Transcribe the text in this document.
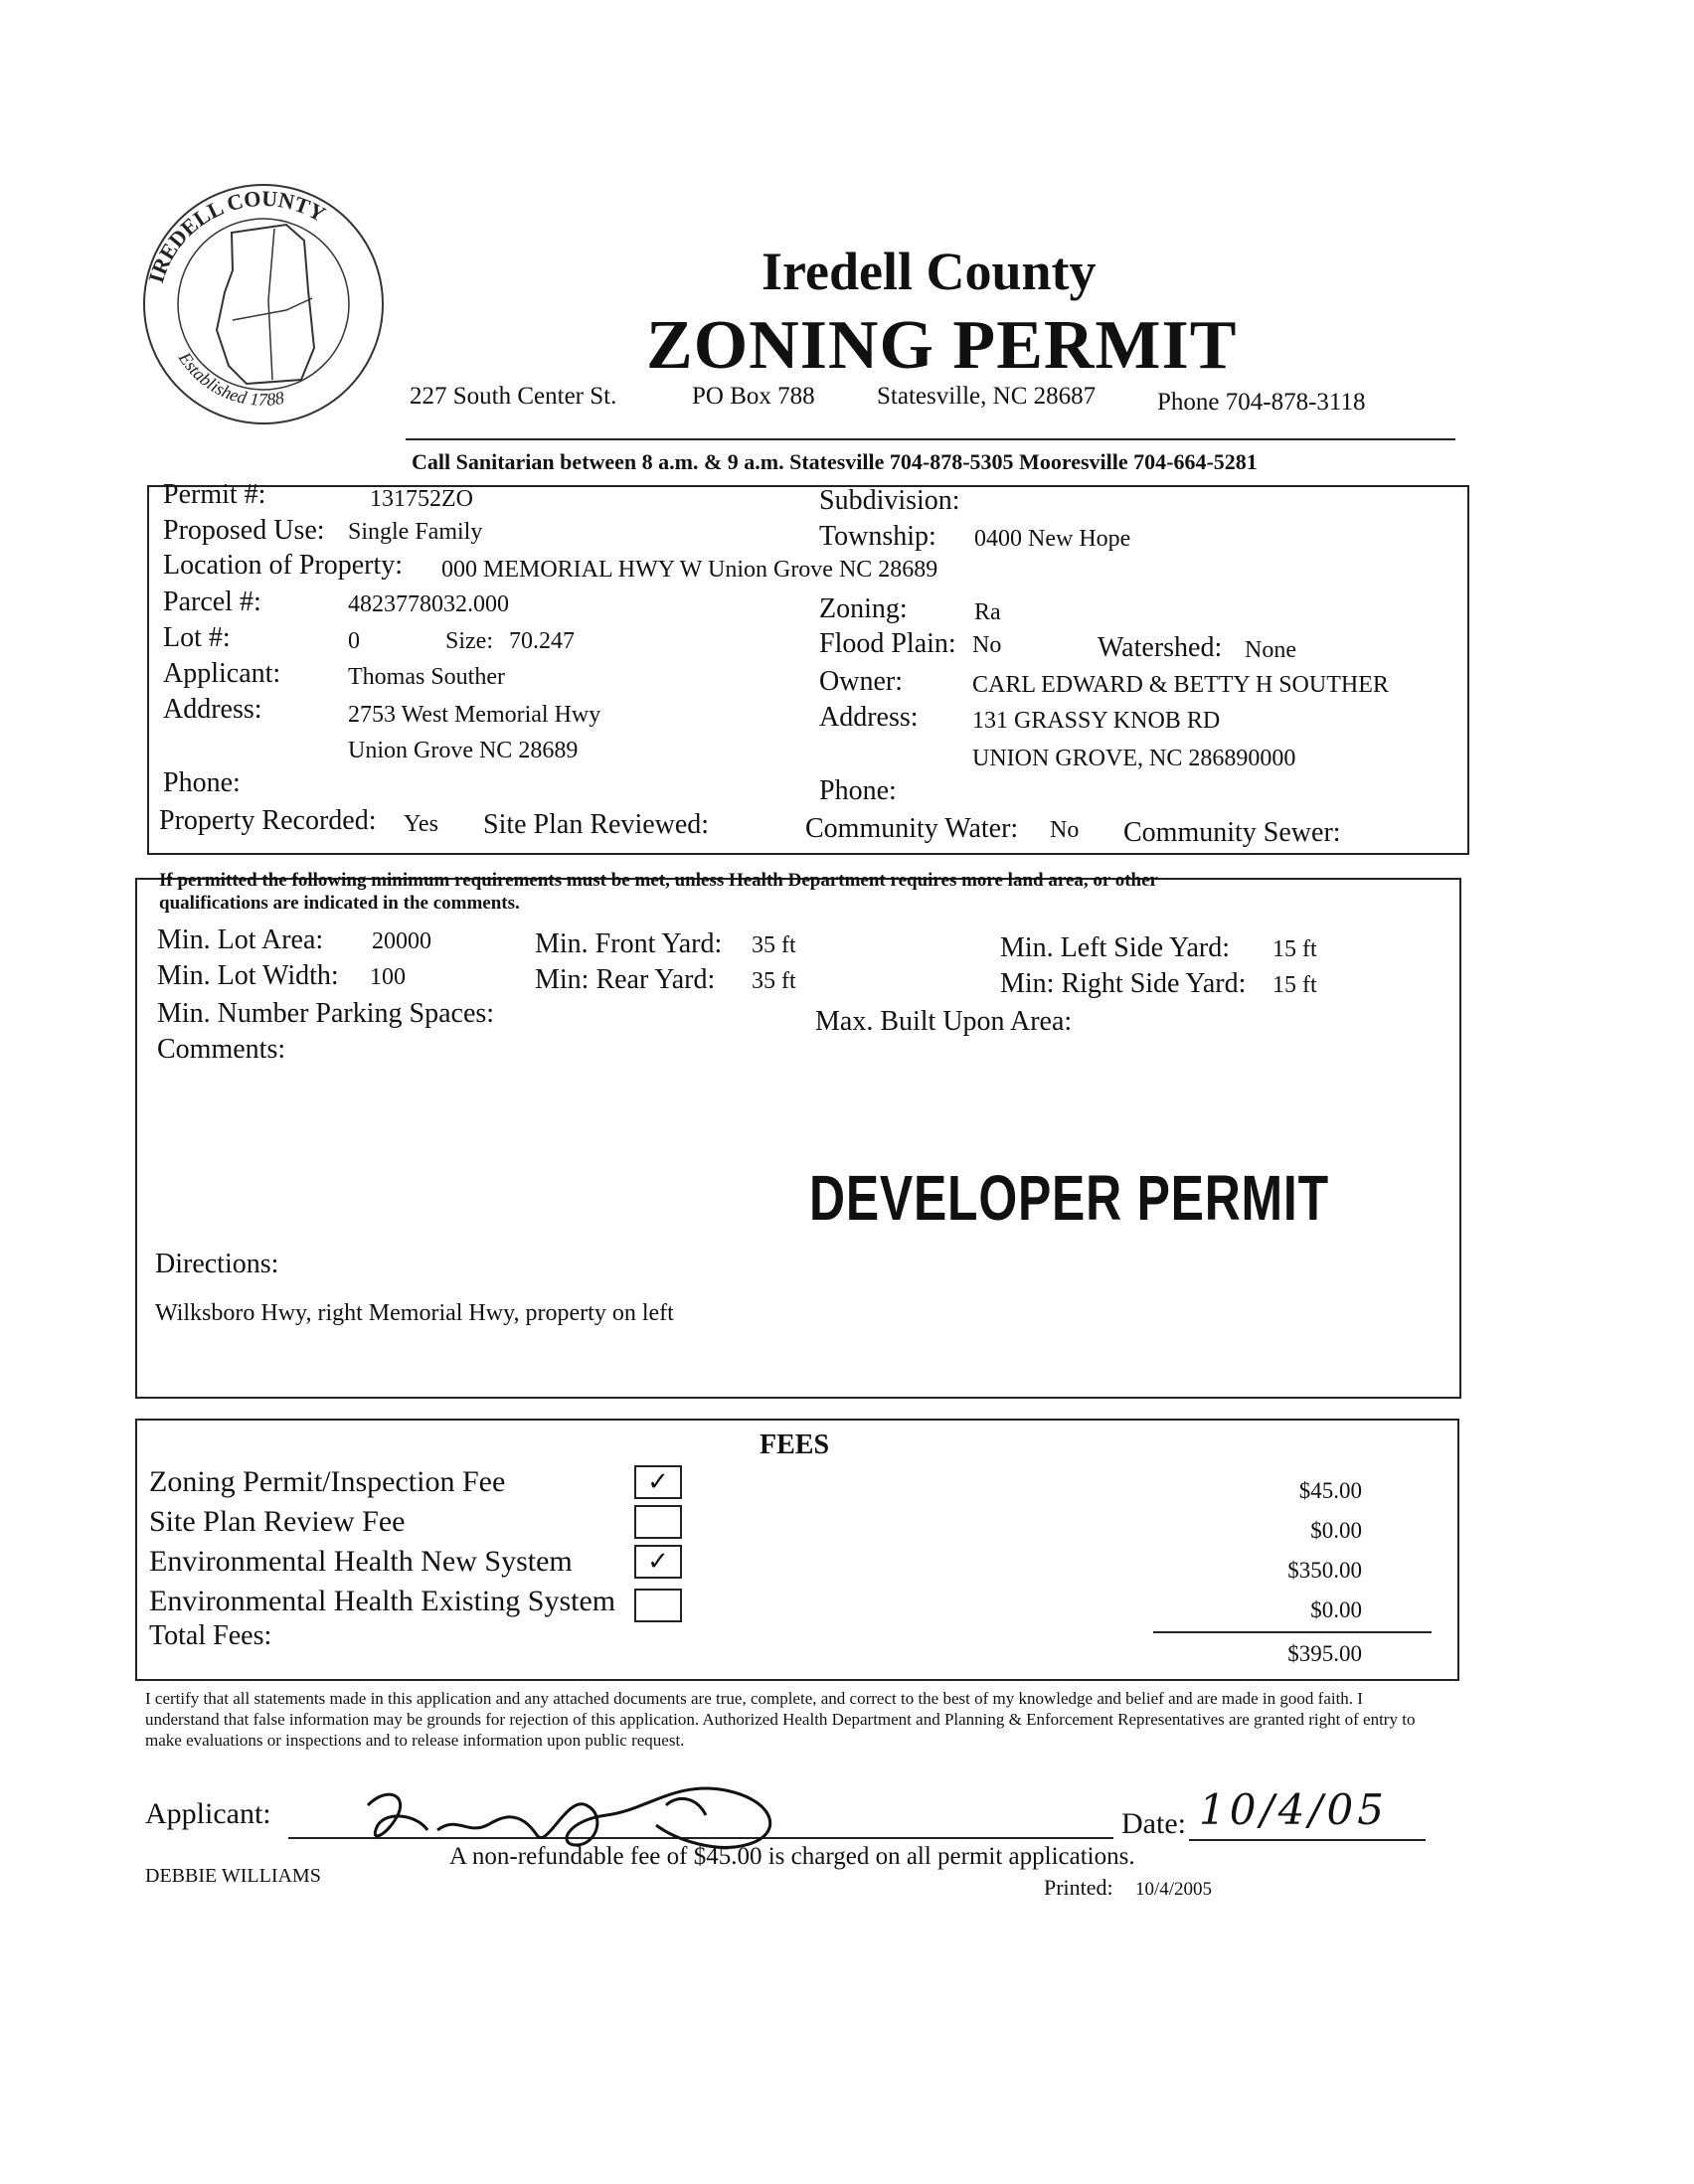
IREDELL COUNTY
Established 1788
Iredell County
ZONING PERMIT
227 South Center St.	PO Box 788 Statesville, NC 28687 Phone 704-878-3118
Call Sanitarian between 8 a.m. & 9 a.m. Statesville 704-878-5305 Mooresville 704-664-5281
Permit #:	131752ZO	Subdivision:
Proposed Use: Single Family	Township: 0400 New Hope
Location of Property: 000 MEMORIAL HWY W Union Grove NC 28689
Parcel #:	4823778032.000	Zoning:	Ra
Lot #:	0	Size: 70.247	Flood Plain: No	Watershed: None
Applicant:	Thomas Souther	Owner:	CARL EDWARD & BETTY H SOUTHER
Address:	2753 West Memorial Hwy	Address: 131 GRASSY KNOB RD
Union Grove NC 28689	UNION GROVE, NC 286890000
Phone:	Phone:
Property Recorded: Yes Site Plan Reviewed:	Community Water: No Community Sewer:
If permitted the following minimum requirements must be met, unless Health Department requires more land area, or other
qualifications are indicated in the comments.
Min. Lot Area: 20000	Min. Front Yard: 35 ft	Min. Left Side Yard: 15 ft
Min. Lot Width: 100	Min: Rear Yard: 35 ft	Min: Right Side Yard: 15 ft
Min. Number Parking Spaces:	Max. Built Upon Area:
Comments:
DEVELOPER PERMIT
Directions:
Wilksboro Hwy, right Memorial Hwy, property on left
FEES
Zoning Permit/Inspection Fee	✓	$45.00
Site Plan Review Fee	$0.00
Environmental Health New System	✓	$350.00
Environmental Health Existing System	$0.00
Total Fees:
$395.00
I certify that all statements made in this application and any attached documents are true, complete, and correct to the best of my knowledge and belief and are made in good faith. I understand that false information may be grounds for rejection of this application. Authorized Health Department and Planning & Enforcement Representatives are granted right of entry to make evaluations or inspections and to release information upon public request.
Applicant:	Date: 10/4/05
A non-refundable fee of $45.00 is charged on all permit applications.
DEBBIE WILLIAMS	Printed: 10/4/2005
